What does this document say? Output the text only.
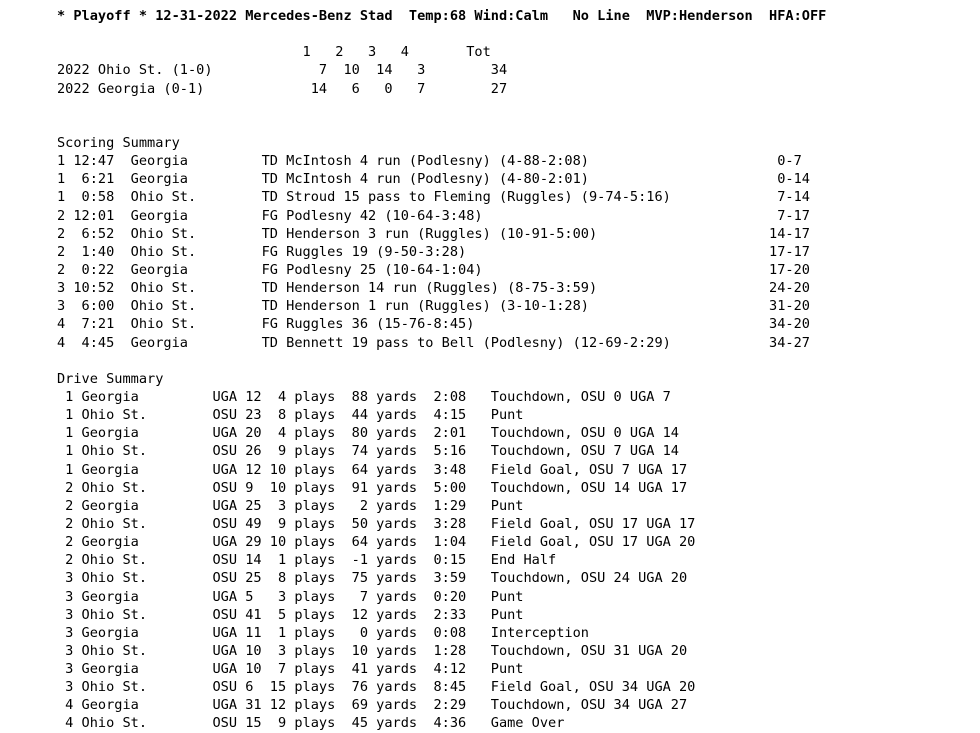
* Playoff * 12-31-2022 Mercedes-Benz Stad  Temp:68 Wind:Calm   No Line  MVP:Henderson  HFA:OFF
1   2   3   4       Tot
2022 Ohio St. (1-0)             7  10  14   3        34
2022 Georgia (0-1)             14   6   0   7        27
Scoring Summary
1 12:47  Georgia         TD McIntosh 4 run (Podlesny) (4-88-2:08)                       0-7
1  6:21  Georgia         TD McIntosh 4 run (Podlesny) (4-80-2:01)                       0-14
1  0:58  Ohio St.        TD Stroud 15 pass to Fleming (Ruggles) (9-74-5:16)             7-14
2 12:01  Georgia         FG Podlesny 42 (10-64-3:48)                                    7-17
2  6:52  Ohio St.        TD Henderson 3 run (Ruggles) (10-91-5:00)                     14-17
2  1:40  Ohio St.        FG Ruggles 19 (9-50-3:28)                                     17-17
2  0:22  Georgia         FG Podlesny 25 (10-64-1:04)                                   17-20
3 10:52  Ohio St.        TD Henderson 14 run (Ruggles) (8-75-3:59)                     24-20
3  6:00  Ohio St.        TD Henderson 1 run (Ruggles) (3-10-1:28)                      31-20
4  7:21  Ohio St.        FG Ruggles 36 (15-76-8:45)                                    34-20
4  4:45  Georgia         TD Bennett 19 pass to Bell (Podlesny) (12-69-2:29)            34-27
Drive Summary
1 Georgia         UGA 12  4 plays  88 yards  2:08   Touchdown, OSU 0 UGA 7
1 Ohio St.        OSU 23  8 plays  44 yards  4:15   Punt
1 Georgia         UGA 20  4 plays  80 yards  2:01   Touchdown, OSU 0 UGA 14
1 Ohio St.        OSU 26  9 plays  74 yards  5:16   Touchdown, OSU 7 UGA 14
1 Georgia         UGA 12 10 plays  64 yards  3:48   Field Goal, OSU 7 UGA 17
2 Ohio St.        OSU 9  10 plays  91 yards  5:00   Touchdown, OSU 14 UGA 17
2 Georgia         UGA 25  3 plays   2 yards  1:29   Punt
2 Ohio St.        OSU 49  9 plays  50 yards  3:28   Field Goal, OSU 17 UGA 17
2 Georgia         UGA 29 10 plays  64 yards  1:04   Field Goal, OSU 17 UGA 20
2 Ohio St.        OSU 14  1 plays  -1 yards  0:15   End Half
3 Ohio St.        OSU 25  8 plays  75 yards  3:59   Touchdown, OSU 24 UGA 20
3 Georgia         UGA 5   3 plays   7 yards  0:20   Punt
3 Ohio St.        OSU 41  5 plays  12 yards  2:33   Punt
3 Georgia         UGA 11  1 plays   0 yards  0:08   Interception
3 Ohio St.        UGA 10  3 plays  10 yards  1:28   Touchdown, OSU 31 UGA 20
3 Georgia         UGA 10  7 plays  41 yards  4:12   Punt
3 Ohio St.        OSU 6  15 plays  76 yards  8:45   Field Goal, OSU 34 UGA 20
4 Georgia         UGA 31 12 plays  69 yards  2:29   Touchdown, OSU 34 UGA 27
4 Ohio St.        OSU 15  9 plays  45 yards  4:36   Game Over
